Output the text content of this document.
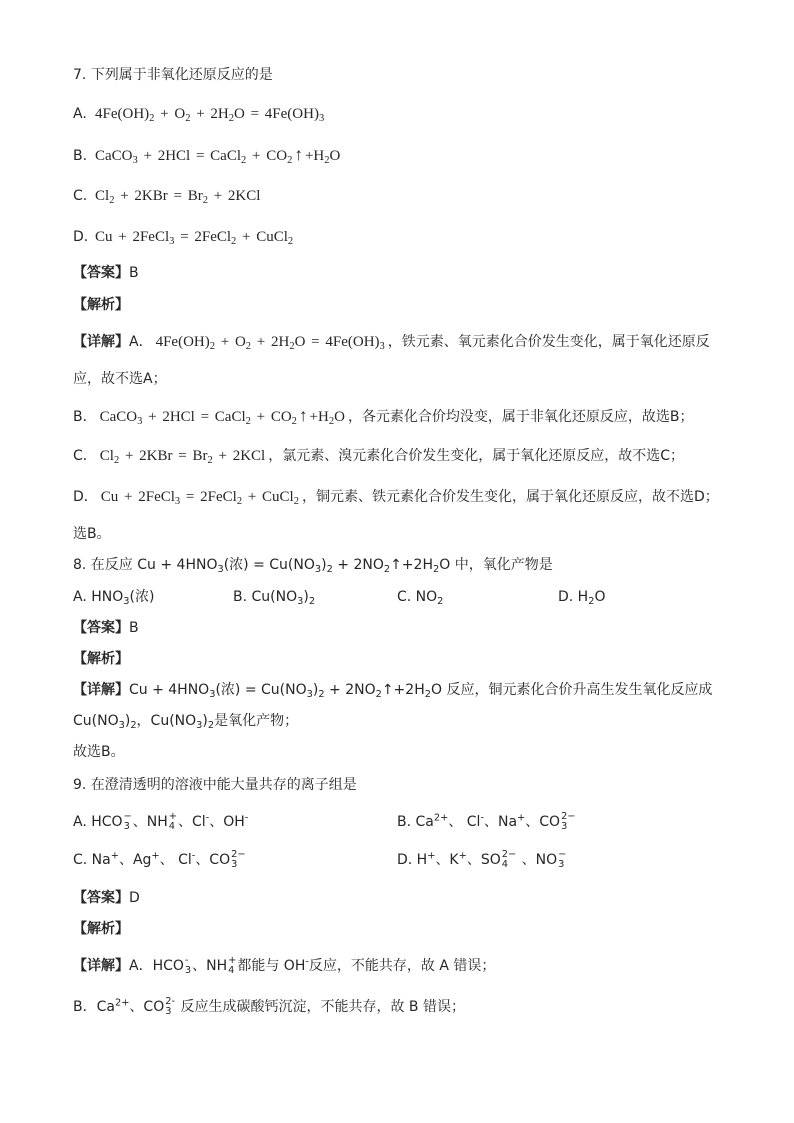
7. 下列属于非氧化还原反应的是
A. $4Fe(OH)_2 + O_2 + 2H_2O = 4Fe(OH)_3$
B. CaCO$_3$ + 2HCl = CaCl$_2$ + $CO_2$ ↑ $+H_2O$
C. $Cl_2 + 2KBr = Br_2 + 2KCl$
D. Cu + 2FeCl$_3$ = 2FeCl$_2$ + CuCl$_2$
【答案】B
【解析】
【详解】A． $4Fe(OH)_2 + O_2 + 2H_2O = 4Fe(OH)_3$ ，铁元素、氧元素化合价发生变化，属于氧化还原反
应，故不选A；
B． CaCO$_3$ + 2HCl = CaCl$_2$ + $CO_2$ ↑ $+H_2O$ ，各元素化合价均没变，属于非氧化还原反应，故选B；
C． $Cl_2 + 2KBr = Br_2 + 2KCl$ ，氯元素、溴元素化合价发生变化，属于氧化还原反应，故不选C；
D． Cu + 2FeCl$_3$ = 2FeCl$_2$ + CuCl$_2$ ，铜元素、铁元素化合价发生变化，属于氧化还原反应，故不选D；
选B。
8. 在反应 $Cu + 4HNO_3$(浓) = $Cu(NO_3)_2$ + $2NO_2↑+2H_2O$ 中，氧化产物是
A. $HNO_3$(浓)	B. $Cu(NO_3)_2$	C. $NO_2$	D. $H_2O$
【答案】B
【解析】
【详解】$Cu + 4HNO_3$(浓) = $Cu(NO_3)_2$ + $2NO_2↑+2H_2O$ 反应，铜元素化合价升高生发生氧化反应成
$Cu(NO_3)_2$，$Cu(NO_3)_2$是氧化产物；
故选B。
9. 在澄清透明的溶液中能大量共存的离子组是
A. HCO −
3 、NH +
4 、Cl-、OH-	B. $Ca^{2+}$、 Cl-、Na+、CO 2−
3
C. Na+、Ag+、 Cl-、CO 2−
3	D. H+、K+、SO 2−
4 、NO −
3
【答案】D
【解析】
【详解】A．HCO -
3 、NH +
4 都能与 OH-反应，不能共存，故 A 错误；
B．$Ca^{2+}$、CO 2-
3 反应生成碳酸钙沉淀，不能共存，故 B 错误；
